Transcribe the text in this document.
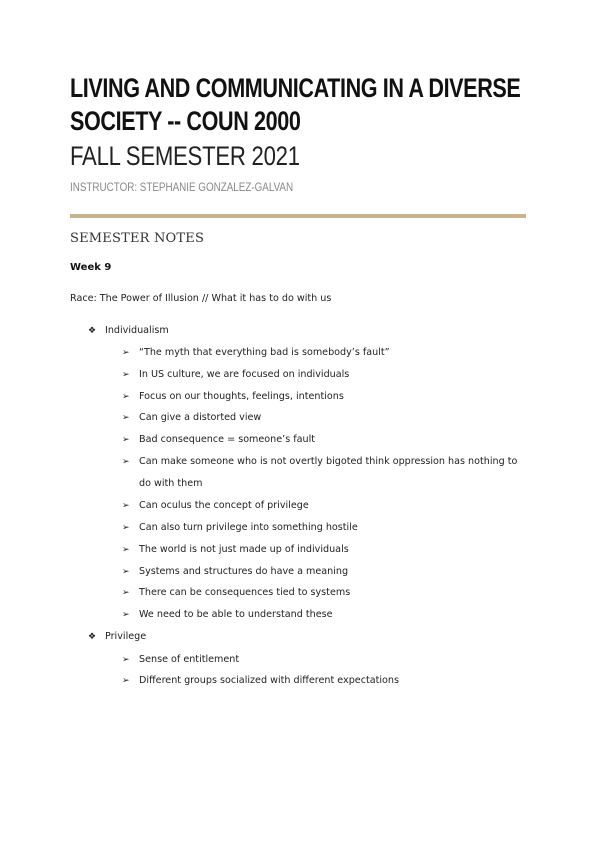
LIVING AND COMMUNICATING IN A DIVERSE SOCIETY -- COUN 2000
FALL SEMESTER 2021
INSTRUCTOR: STEPHANIE GONZALEZ-GALVAN
SEMESTER NOTES
Week 9
Race: The Power of Illusion // What it has to do with us
❖ Individualism
➢ “The myth that everything bad is somebody’s fault”
➢ In US culture, we are focused on individuals
➢ Focus on our thoughts, feelings, intentions
➢ Can give a distorted view
➢ Bad consequence = someone’s fault
➢ Can make someone who is not overtly bigoted think oppression has nothing to do with them
➢ Can oculus the concept of privilege
➢ Can also turn privilege into something hostile
➢ The world is not just made up of individuals
➢ Systems and structures do have a meaning
➢ There can be consequences tied to systems
➢ We need to be able to understand these
❖ Privilege
➢ Sense of entitlement
➢ Different groups socialized with different expectations
